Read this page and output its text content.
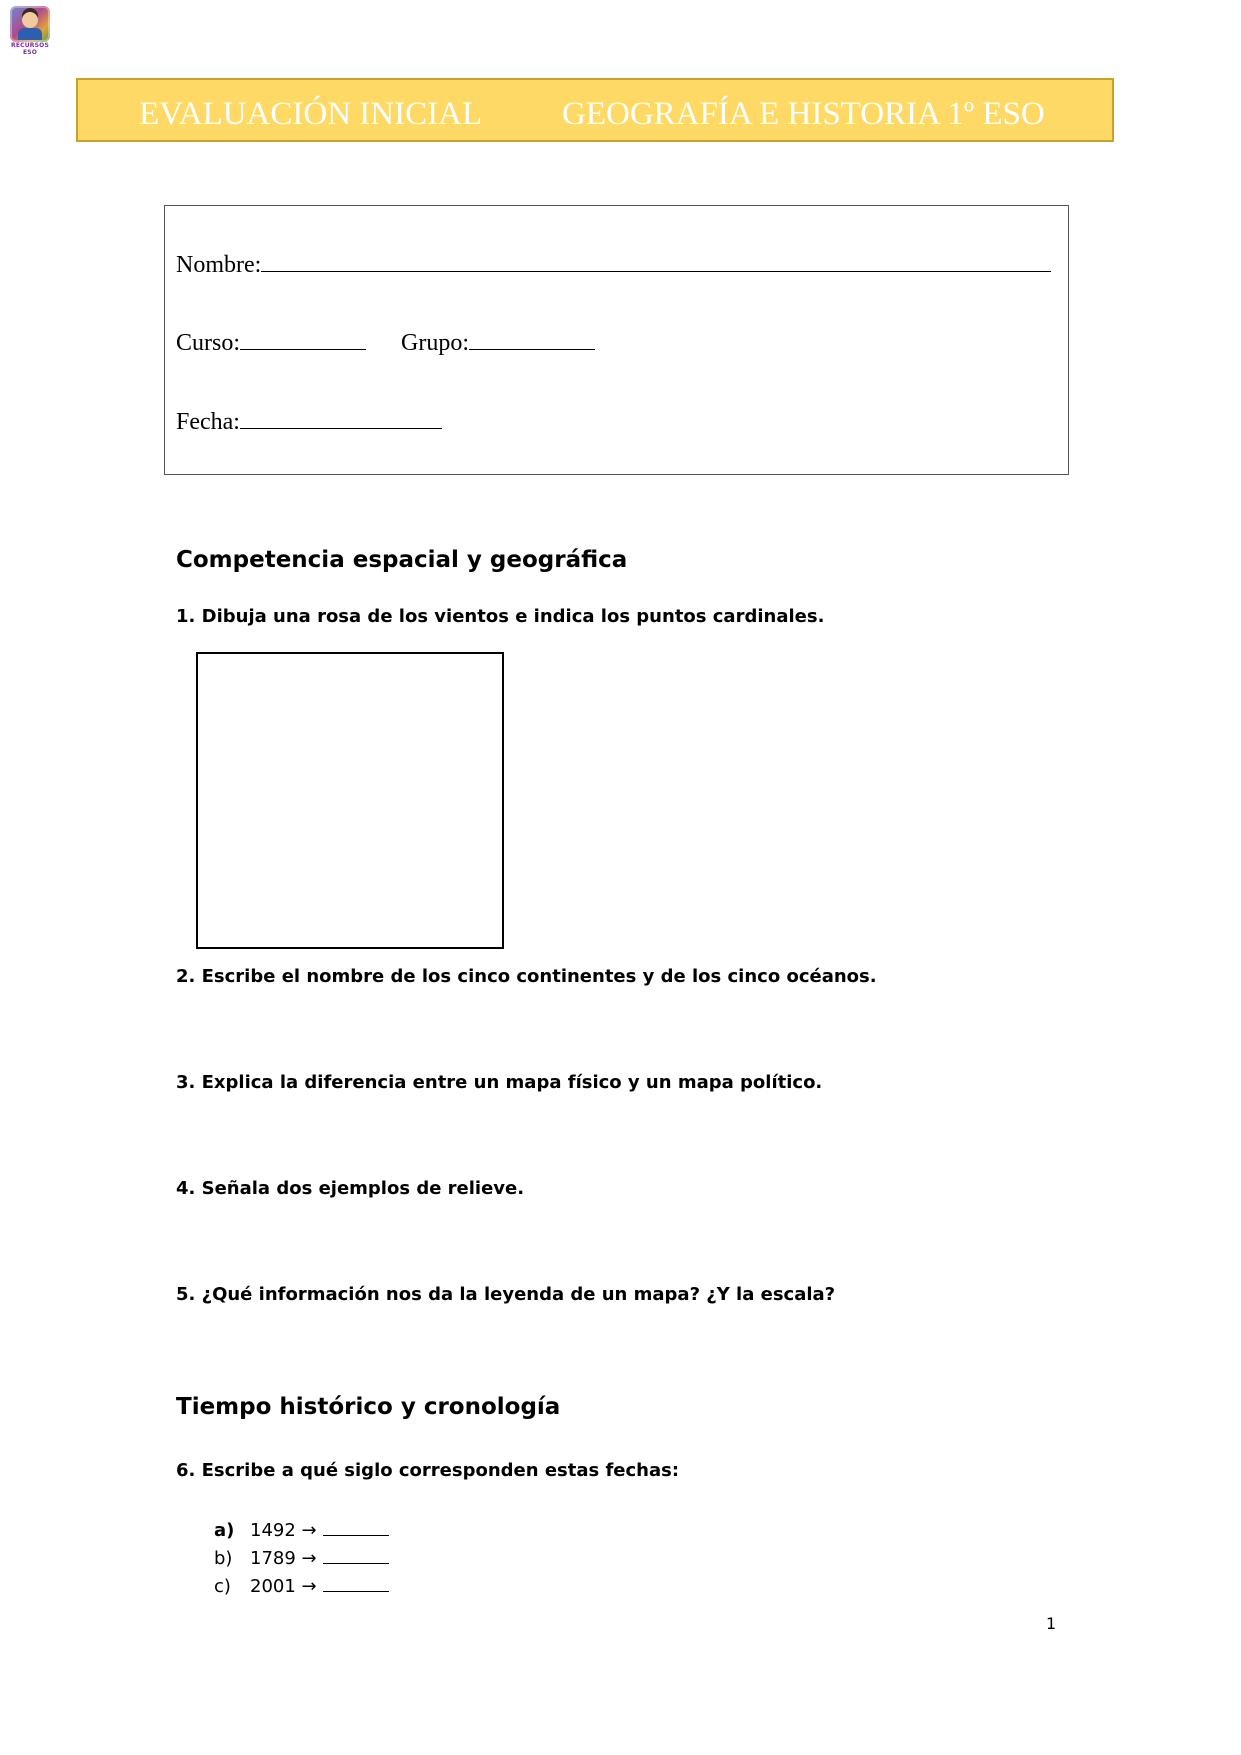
RECURSOS ESO
EVALUACIÓN INICIAL GEOGRAFÍA E HISTORIA 1º ESO
Nombre:
Curso:	Grupo:
Fecha:
Competencia espacial y geográfica
1. Dibuja una rosa de los vientos e indica los puntos cardinales.
2. Escribe el nombre de los cinco continentes y de los cinco océanos.
3. Explica la diferencia entre un mapa físico y un mapa político.
4. Señala dos ejemplos de relieve.
5. ¿Qué información nos da la leyenda de un mapa? ¿Y la escala?
Tiempo histórico y cronología
6. Escribe a qué siglo corresponden estas fechas:
a) 1492 →
b) 1789 →
c) 2001 →
1
